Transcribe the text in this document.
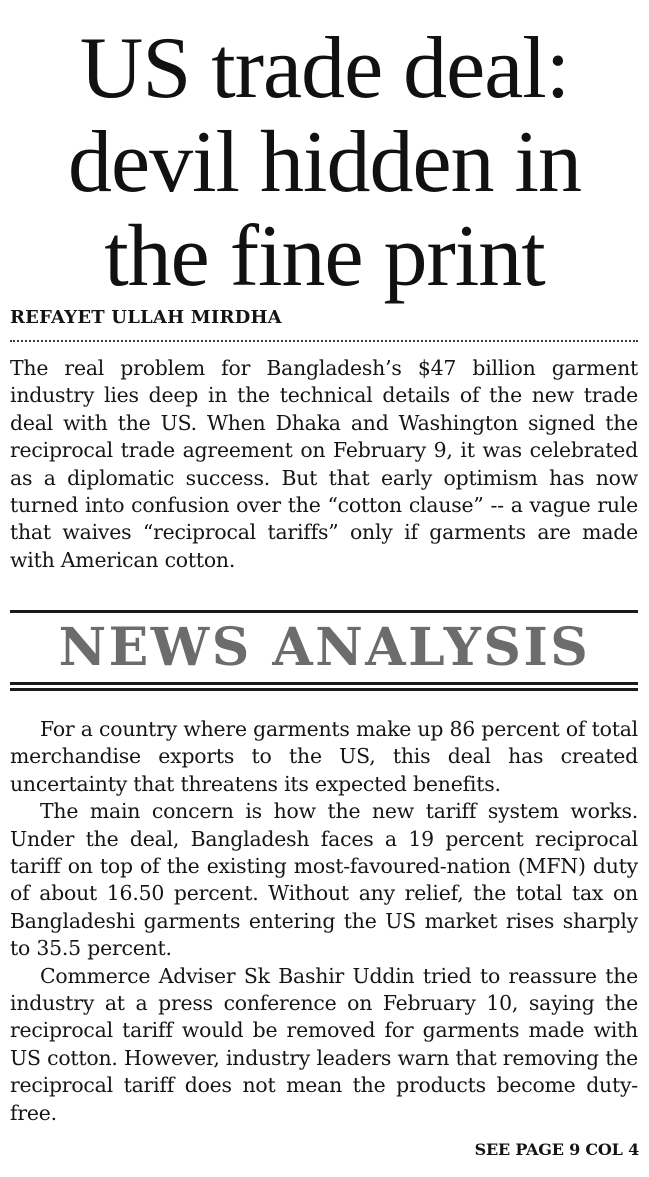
US trade deal:
devil hidden in
the fine print

REFAYET ULLAH MIRDHA

The real problem for Bangladesh’s $47 billion garment industry lies deep in the technical details of the new trade deal with the US. When Dhaka and Washington signed the reciprocal trade agreement on February 9, it was celebrated as a diplomatic success. But that early optimism has now turned into confusion over the “cotton clause” -- a vague rule that waives “reciprocal tariffs” only if garments are made with American cotton.

NEWS ANALYSIS

For a country where garments make up 86 percent of total merchandise exports to the US, this deal has created uncertainty that threatens its expected benefits.

The main concern is how the new tariff system works. Under the deal, Bangladesh faces a 19 percent reciprocal tariff on top of the existing most-favoured-nation (MFN) duty of about 16.50 percent. Without any relief, the total tax on Bangladeshi garments entering the US market rises sharply to 35.5 percent.

Commerce Adviser Sk Bashir Uddin tried to reassure the industry at a press conference on February 10, saying the reciprocal tariff would be removed for garments made with US cotton. However, industry leaders warn that removing the reciprocal tariff does not mean the products become duty-free.

SEE PAGE 9 COL 4
